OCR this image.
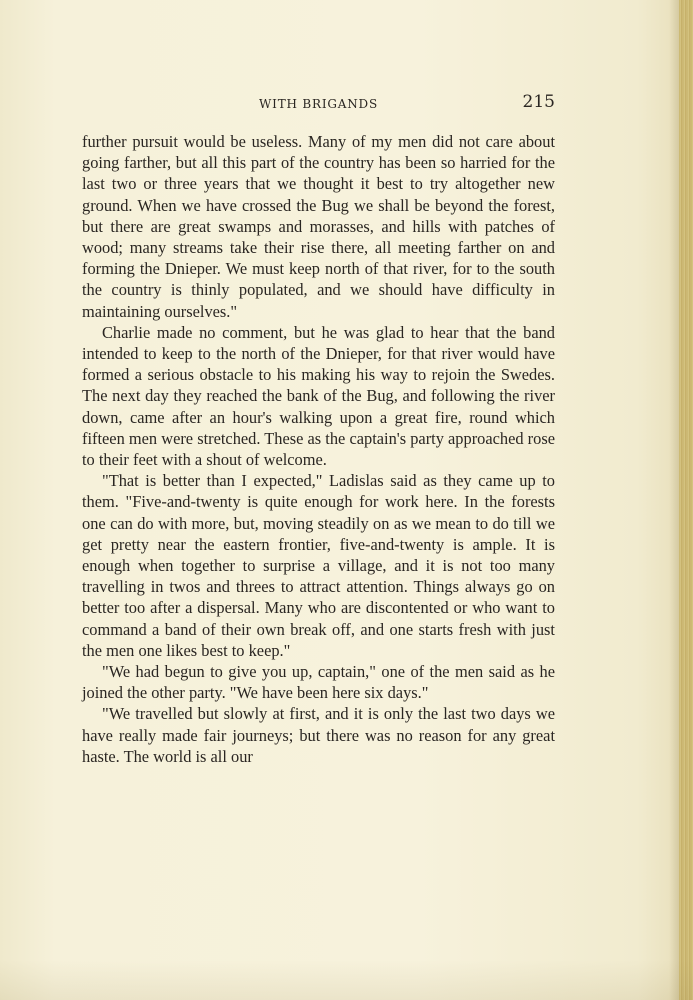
WITH BRIGANDS	215

further pursuit would be useless. Many of my men did not care about going farther, but all this part of the country has been so harried for the last two or three years that we thought it best to try altogether new ground. When we have crossed the Bug we shall be beyond the forest, but there are great swamps and morasses, and hills with patches of wood; many streams take their rise there, all meeting farther on and forming the Dnieper. We must keep north of that river, for to the south the country is thinly populated, and we should have difficulty in maintaining ourselves."

Charlie made no comment, but he was glad to hear that the band intended to keep to the north of the Dnieper, for that river would have formed a serious obstacle to his making his way to rejoin the Swedes. The next day they reached the bank of the Bug, and following the river down, came after an hour's walking upon a great fire, round which fifteen men were stretched. These as the captain's party approached rose to their feet with a shout of welcome.

"That is better than I expected," Ladislas said as they came up to them. "Five-and-twenty is quite enough for work here. In the forests one can do with more, but, moving steadily on as we mean to do till we get pretty near the eastern frontier, five-and-twenty is ample. It is enough when together to surprise a village, and it is not too many travelling in twos and threes to attract attention. Things always go on better too after a dispersal. Many who are discontented or who want to command a band of their own break off, and one starts fresh with just the men one likes best to keep."

"We had begun to give you up, captain," one of the men said as he joined the other party. "We have been here six days."

"We travelled but slowly at first, and it is only the last two days we have really made fair journeys; but there was no reason for any great haste. The world is all our
